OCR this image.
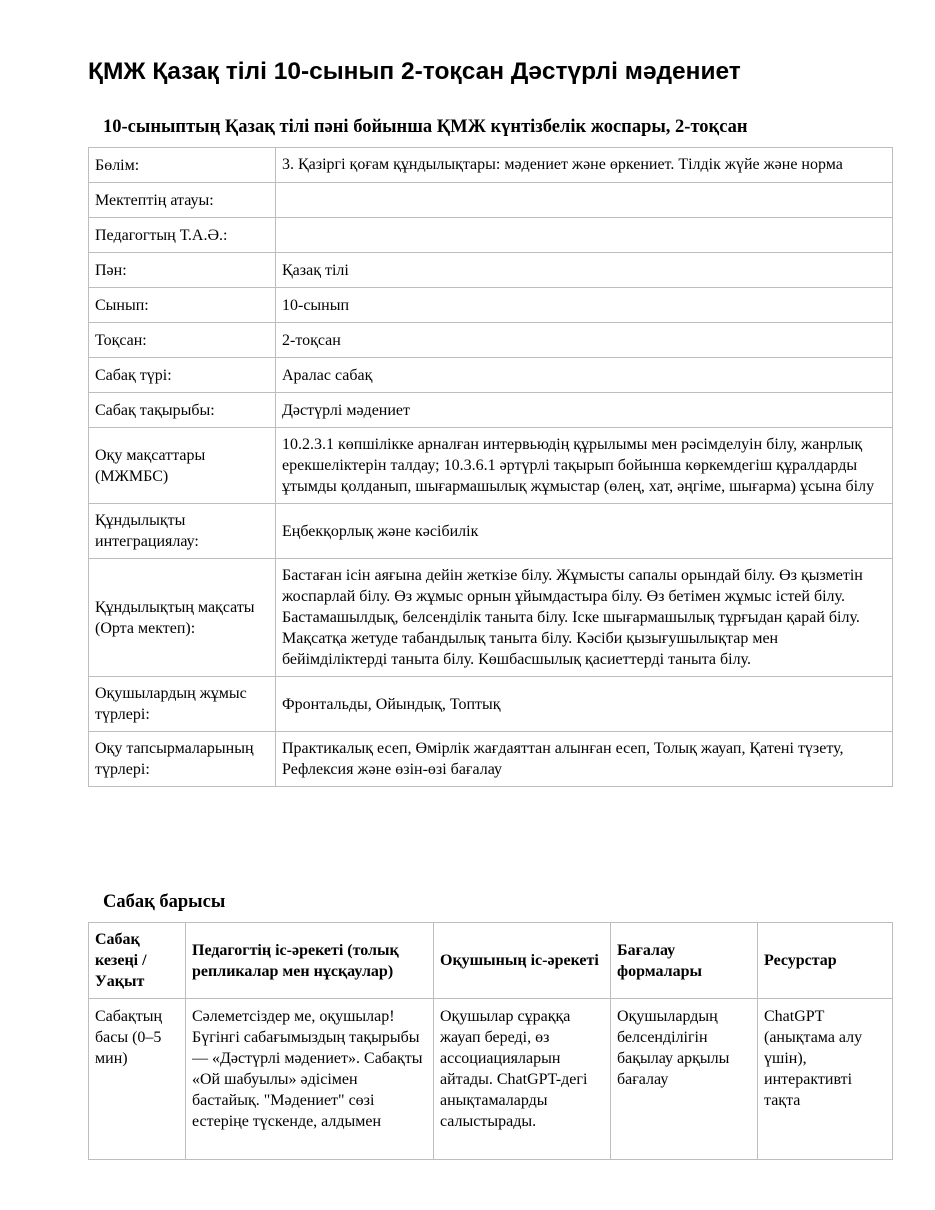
ҚМЖ Қазақ тілі 10-сынып 2-тоқсан Дәстүрлі мәдениет
10-сыныптың Қазақ тілі пәні бойынша ҚМЖ күнтізбелік жоспары, 2-тоқсан
Бөлім:	3. Қазіргі қоғам құндылықтары: мәдениет және өркениет. Тілдік жүйе және норма
Мектептің атауы:	
Педагогтың Т.А.Ә.:	
Пән:	Қазақ тілі
Сынып:	10-сынып
Тоқсан:	2-тоқсан
Сабақ түрі:	Аралас сабақ
Сабақ тақырыбы:	Дәстүрлі мәдениет
Оқу мақсаттары (МЖМБС)	10.2.3.1 көпшілікке арналған интервьюдің құрылымы мен рәсімделуін білу, жанрлық ерекшеліктерін талдау; 10.3.6.1 әртүрлі тақырып бойынша көркемдегіш құралдарды ұтымды қолданып, шығармашылық жұмыстар (өлең, хат, әңгіме, шығарма) ұсына білу
Құндылықты интеграциялау:	Еңбекқорлық және кәсібилік
Құндылықтың мақсаты (Орта мектеп):	Бастаған ісін аяғына дейін жеткізе білу. Жұмысты сапалы орындай білу. Өз қызметін жоспарлай білу. Өз жұмыс орнын ұйымдастыра білу. Өз бетімен жұмыс істей білу. Бастамашылдық, белсенділік таныта білу. Іске шығармашылық тұрғыдан қарай білу. Мақсатқа жетуде табандылық таныта білу. Кәсіби қызығушылықтар мен бейімділіктерді таныта білу. Көшбасшылық қасиеттерді таныта білу.
Оқушылардың жұмыс түрлері:	Фронтальды, Ойындық, Топтық
Оқу тапсырмаларының түрлері:	Практикалық есеп, Өмірлік жағдаяттан алынған есеп, Толық жауап, Қатені түзету, Рефлексия және өзін-өзі бағалау
Сабақ барысы
Сабақ кезеңі / Уақыт	Педагогтің іс-әрекеті (толық репликалар мен нұсқаулар)	Оқушының іс-әрекеті	Бағалау формалары	Ресурстар

Сабақтың басы (0–5 мин)	Сәлеметсіздер ме, оқушылар! Бүгінгі сабағымыздың тақырыбы — «Дәстүрлі мәдениет». Сабақты «Ой шабуылы» әдісімен бастайық. "Мәдениет" сөзі естеріңе түскенде, алдымен	Оқушылар сұраққа жауап береді, өз ассоциацияларын айтады. ChatGPT-дегі анықтамаларды салыстырады.	Оқушылардың белсенділігін бақылау арқылы бағалау	ChatGPT (анықтама алу үшін), интерактивті тақта
